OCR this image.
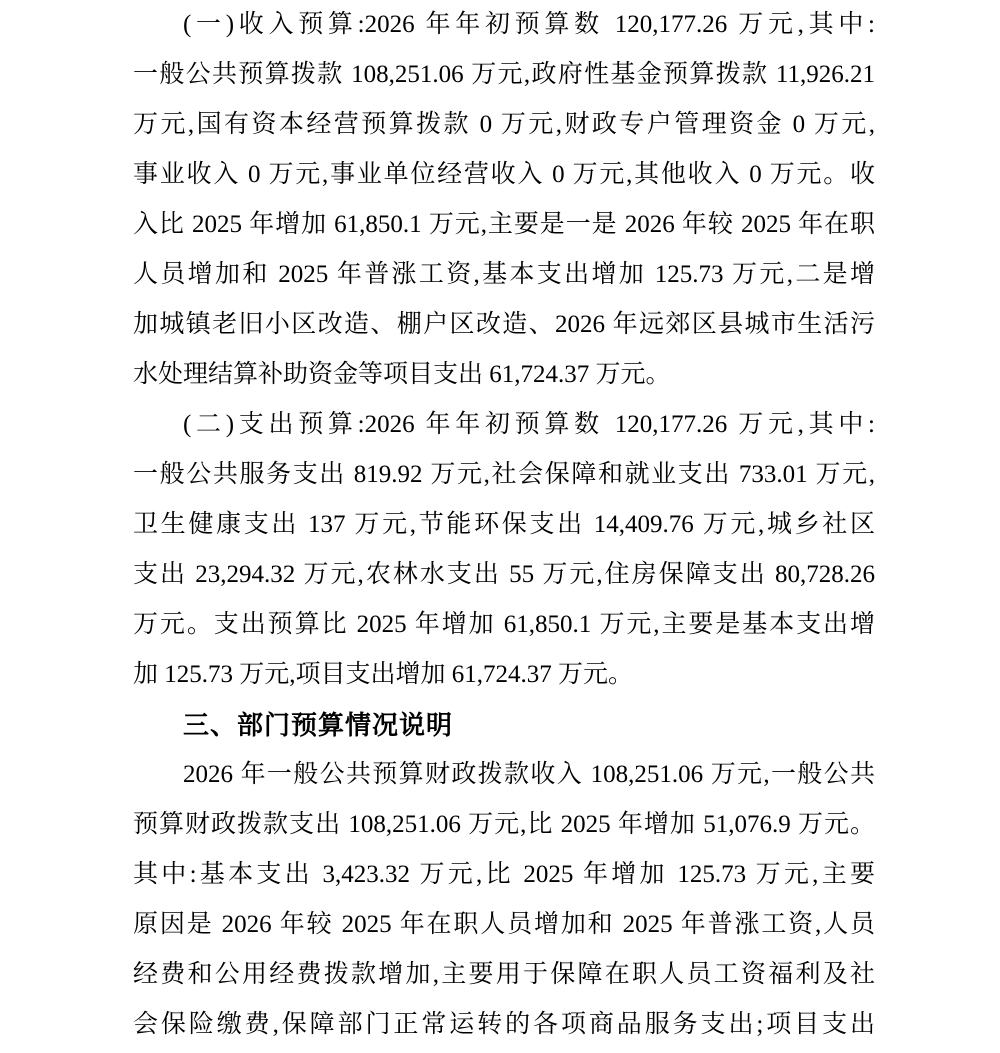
(一)收入预算:2026 年年初预算数 120,177.26 万元,其中:
一般公共预算拨款 108,251.06 万元,政府性基金预算拨款 11,926.21
万元,国有资本经营预算拨款 0 万元,财政专户管理资金 0 万元,
事业收入 0 万元,事业单位经营收入 0 万元,其他收入 0 万元。收
入比 2025 年增加 61,850.1 万元,主要是一是 2026 年较 2025 年在职
人员增加和 2025 年普涨工资,基本支出增加 125.73 万元,二是增
加城镇老旧小区改造、棚户区改造、2026 年远郊区县城市生活污
水处理结算补助资金等项目支出 61,724.37 万元。
(二)支出预算:2026 年年初预算数 120,177.26 万元,其中:
一般公共服务支出 819.92 万元,社会保障和就业支出 733.01 万元,
卫生健康支出 137 万元,节能环保支出 14,409.76 万元,城乡社区
支出 23,294.32 万元,农林水支出 55 万元,住房保障支出 80,728.26
万元。支出预算比 2025 年增加 61,850.1 万元,主要是基本支出增
加 125.73 万元,项目支出增加 61,724.37 万元。
三、部门预算情况说明
2026 年一般公共预算财政拨款收入 108,251.06 万元,一般公共
预算财政拨款支出 108,251.06 万元,比 2025 年增加 51,076.9 万元。
其中:基本支出 3,423.32 万元,比 2025 年增加 125.73 万元,主要
原因是 2026 年较 2025 年在职人员增加和 2025 年普涨工资,人员
经费和公用经费拨款增加,主要用于保障在职人员工资福利及社
会保险缴费,保障部门正常运转的各项商品服务支出;项目支出
